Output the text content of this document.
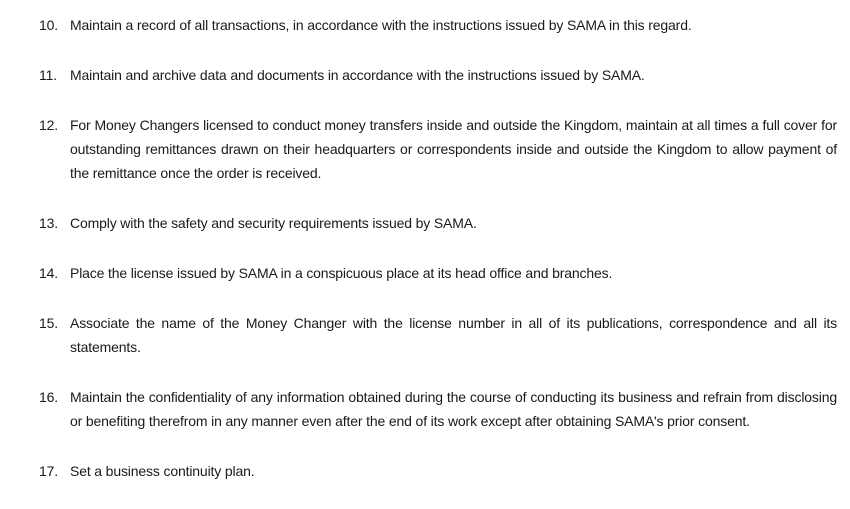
10. Maintain a record of all transactions, in accordance with the instructions issued by SAMA in this regard.
11. Maintain and archive data and documents in accordance with the instructions issued by SAMA.
12. For Money Changers licensed to conduct money transfers inside and outside the Kingdom, maintain at all times a full cover for outstanding remittances drawn on their headquarters or correspondents inside and outside the Kingdom to allow payment of the remittance once the order is received.
13. Comply with the safety and security requirements issued by SAMA.
14. Place the license issued by SAMA in a conspicuous place at its head office and branches.
15. Associate the name of the Money Changer with the license number in all of its publications, correspondence and all its statements.
16. Maintain the confidentiality of any information obtained during the course of conducting its business and refrain from disclosing or benefiting therefrom in any manner even after the end of its work except after obtaining SAMA's prior consent.
17. Set a business continuity plan.
